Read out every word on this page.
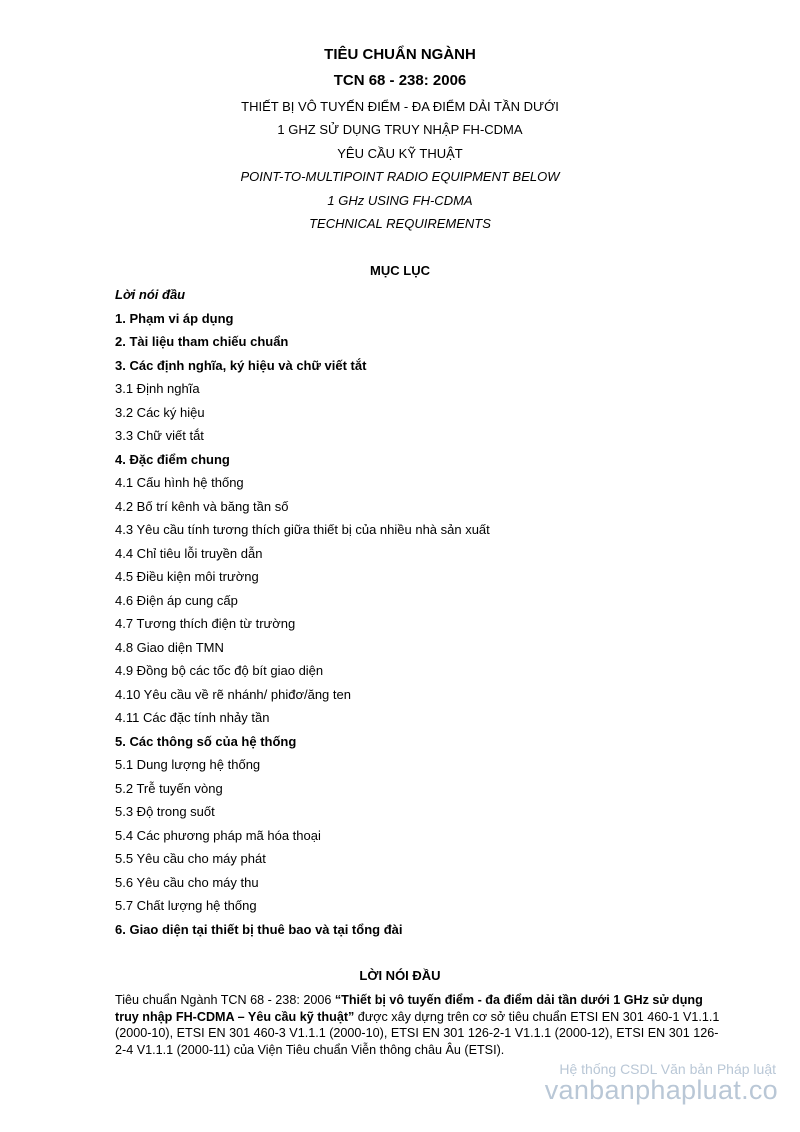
TIÊU CHUẨN NGÀNH
TCN 68 - 238: 2006
THIẾT BỊ VÔ TUYẾN ĐIỂM - ĐA ĐIỂM DẢI TẦN DƯỚI
1 GHZ SỬ DỤNG TRUY NHẬP FH-CDMA
YÊU CẦU KỸ THUẬT
POINT-TO-MULTIPOINT RADIO EQUIPMENT BELOW
1 GHz USING FH-CDMA
TECHNICAL REQUIREMENTS
MỤC LỤC
Lời nói đầu
1. Phạm vi áp dụng
2. Tài liệu tham chiếu chuẩn
3. Các định nghĩa, ký hiệu và chữ viết tắt
3.1 Định nghĩa
3.2 Các ký hiệu
3.3 Chữ viết tắt
4. Đặc điểm chung
4.1 Cấu hình hệ thống
4.2 Bố trí kênh và băng tần số
4.3 Yêu cầu tính tương thích giữa thiết bị của nhiều nhà sản xuất
4.4 Chỉ tiêu lỗi truyền dẫn
4.5 Điều kiện môi trường
4.6 Điện áp cung cấp
4.7 Tương thích điện từ trường
4.8 Giao diện TMN
4.9 Đồng bộ các tốc độ bít giao diện
4.10 Yêu cầu về rẽ nhánh/ phiđơ/ăng ten
4.11 Các đặc tính nhảy tần
5. Các thông số của hệ thống
5.1 Dung lượng hệ thống
5.2 Trễ tuyến vòng
5.3 Độ trong suốt
5.4 Các phương pháp mã hóa thoại
5.5 Yêu cầu cho máy phát
5.6 Yêu cầu cho máy thu
5.7 Chất lượng hệ thống
6. Giao diện tại thiết bị thuê bao và tại tổng đài
LỜI NÓI ĐẦU

Tiêu chuẩn Ngành TCN 68 - 238: 2006 “Thiết bị vô tuyến điểm - đa điểm dải tần dưới 1 GHz sử dụng truy nhập FH-CDMA – Yêu cầu kỹ thuật” được xây dựng trên cơ sở tiêu chuẩn ETSI EN 301 460-1 V1.1.1 (2000-10), ETSI EN 301 460-3 V1.1.1 (2000-10), ETSI EN 301 126-2-1 V1.1.1 (2000-12), ETSI EN 301 126-2-4 V1.1.1 (2000-11) của Viện Tiêu chuẩn Viễn thông châu Âu (ETSI).

Hệ thống CSDL Văn bản Pháp luật
vanbanphapluat.co
